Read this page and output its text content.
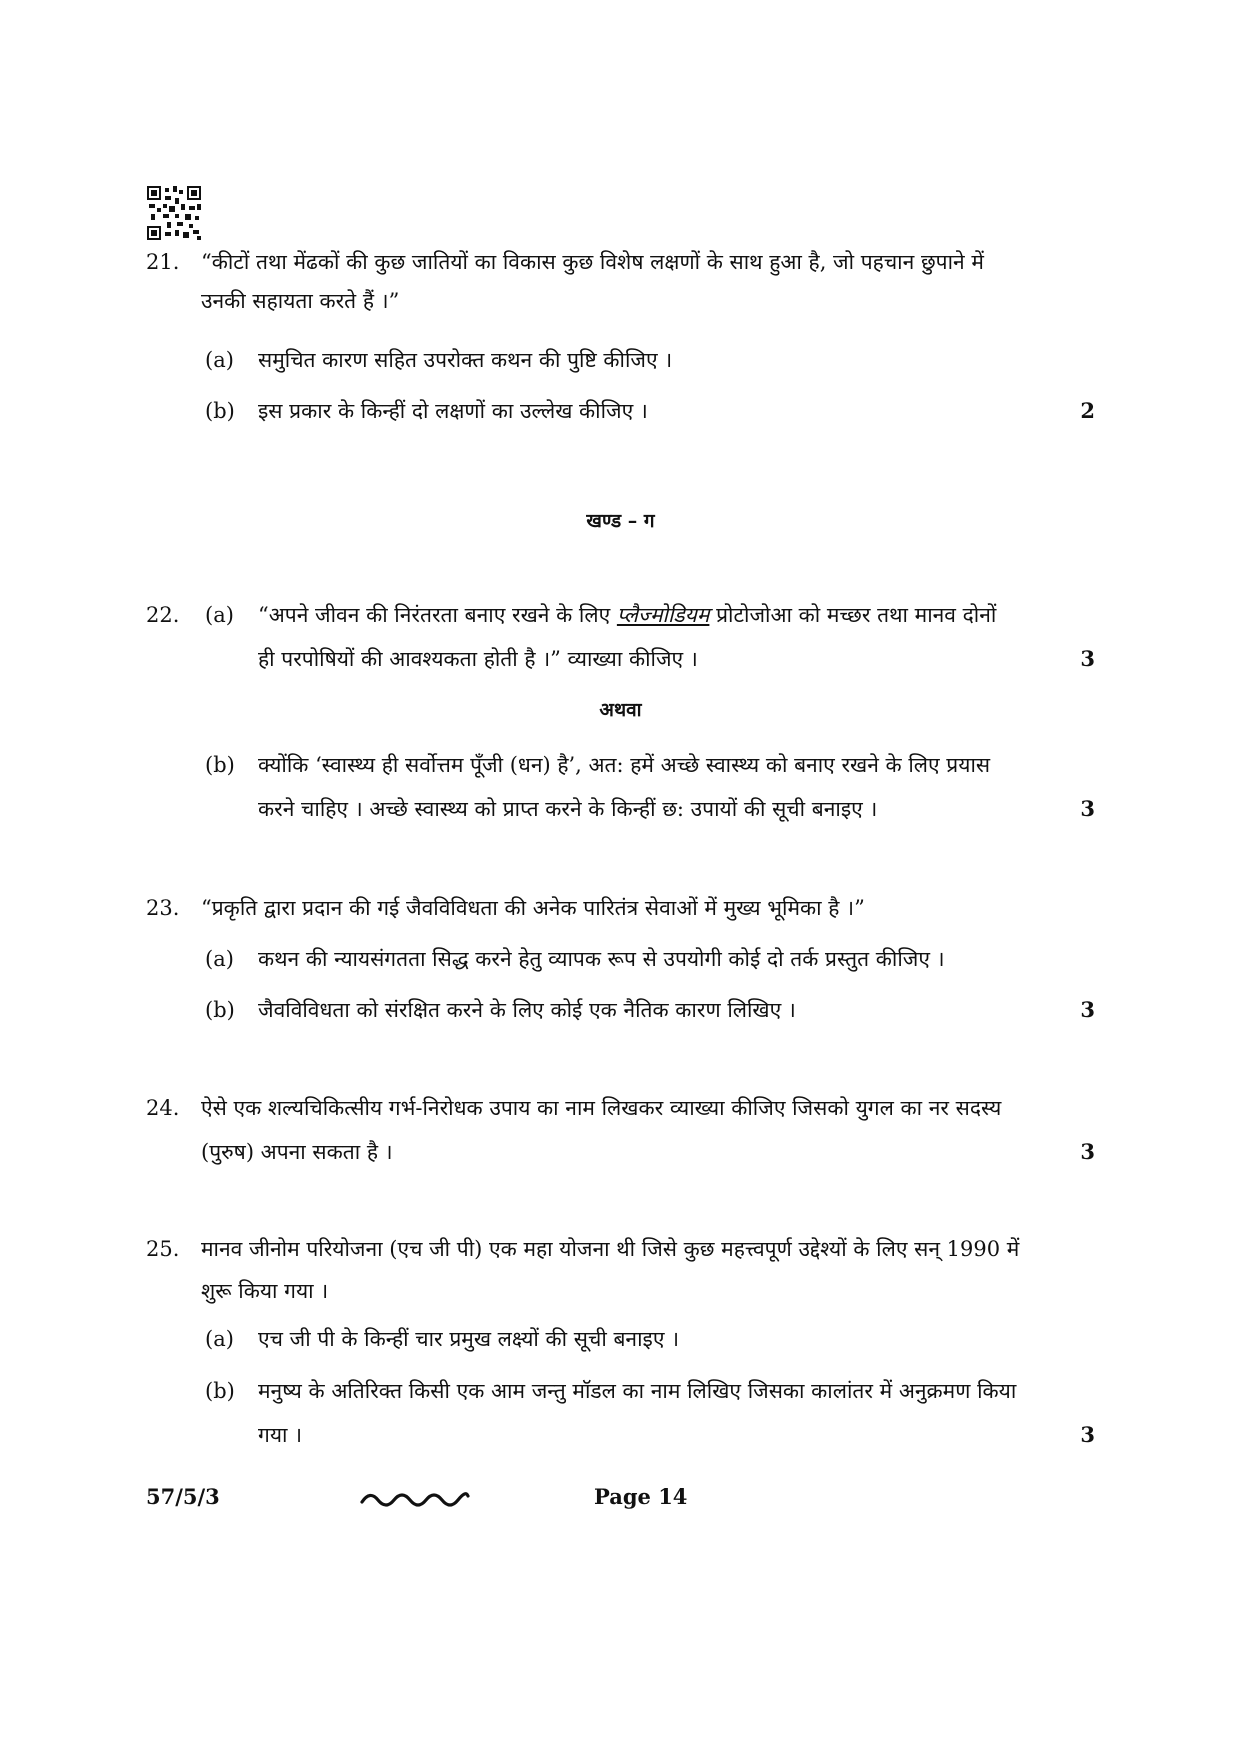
21. “कीटों तथा मेंढकों की कुछ जातियों का विकास कुछ विशेष लक्षणों के साथ हुआ है, जो पहचान छुपाने में
उनकी सहायता करते हैं ।”
(a) समुचित कारण सहित उपरोक्त कथन की पुष्टि कीजिए ।
(b) इस प्रकार के किन्हीं दो लक्षणों का उल्लेख कीजिए ।	2
खण्ड – ग
22. (a) “अपने जीवन की निरंतरता बनाए रखने के लिए प्लैज्मोडियम प्रोटोजोआ को मच्छर तथा मानव दोनों
ही परपोषियों की आवश्यकता होती है ।” व्याख्या कीजिए ।	3
अथवा
(b) क्योंकि ‘स्वास्थ्य ही सर्वोत्तम पूँजी (धन) है’, अत: हमें अच्छे स्वास्थ्य को बनाए रखने के लिए प्रयास
करने चाहिए । अच्छे स्वास्थ्य को प्राप्त करने के किन्हीं छ: उपायों की सूची बनाइए ।	3
23. “प्रकृति द्वारा प्रदान की गई जैवविविधता की अनेक पारितंत्र सेवाओं में मुख्य भूमिका है ।”
(a) कथन की न्यायसंगतता सिद्ध करने हेतु व्यापक रूप से उपयोगी कोई दो तर्क प्रस्तुत कीजिए ।
(b) जैवविविधता को संरक्षित करने के लिए कोई एक नैतिक कारण लिखिए ।	3
24. ऐसे एक शल्यचिकित्सीय गर्भ-निरोधक उपाय का नाम लिखकर व्याख्या कीजिए जिसको युगल का नर सदस्य
(पुरुष) अपना सकता है ।	3
25. मानव जीनोम परियोजना (एच जी पी) एक महा योजना थी जिसे कुछ महत्त्वपूर्ण उद्देश्यों के लिए सन् 1990 में
शुरू किया गया ।
(a) एच जी पी के किन्हीं चार प्रमुख लक्ष्यों की सूची बनाइए ।
(b) मनुष्य के अतिरिक्त किसी एक आम जन्तु मॉडल का नाम लिखिए जिसका कालांतर में अनुक्रमण किया
गया ।	3
57/5/3	Page 14
